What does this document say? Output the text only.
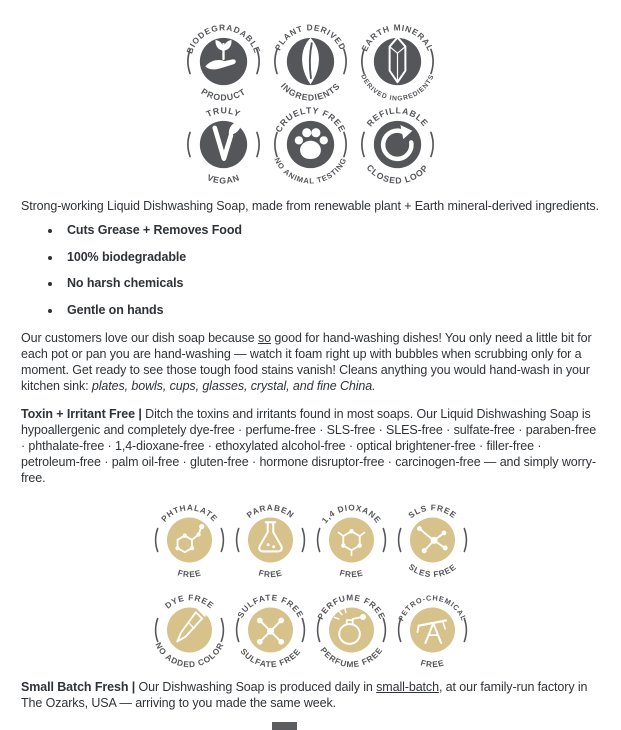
BIODEGRADABLE
PRODUCT
PLANT DERIVED
INGREDIENTS
EARTH MINERAL
DERIVED INGREDIENTS
TRULY
VEGAN
CRUELTY FREE
NO ANIMAL TESTING
REFILLABLE
CLOSED LOOP

Strong-working Liquid Dishwashing Soap, made from renewable plant + Earth mineral-derived ingredients.

• Cuts Grease + Removes Food
• 100% biodegradable
• No harsh chemicals
• Gentle on hands

Our customers love our dish soap because so good for hand-washing dishes! You only need a little bit for each pot or pan you are hand-washing — watch it foam right up with bubbles when scrubbing only for a moment. Get ready to see those tough food stains vanish! Cleans anything you would hand-wash in your kitchen sink: plates, bowls, cups, glasses, crystal, and fine China.

Toxin + Irritant Free | Ditch the toxins and irritants found in most soaps. Our Liquid Dishwashing Soap is hypoallergenic and completely dye-free · perfume-free · SLS-free · SLES-free · sulfate-free · paraben-free · phthalate-free · 1,4-dioxane-free · ethoxylated alcohol-free · optical brightener-free · filler-free · petroleum-free · palm oil-free · gluten-free · hormone disruptor-free · carcinogen-free — and simply worry-free.

PHTHALATE
FREE
PARABEN
FREE
1,4 DIOXANE
FREE
SLS FREE
SLES FREE
DYE FREE
NO ADDED COLOR
SULFATE FREE
SULFATE FREE
PERFUME FREE
PERFUME FREE
PETRO-CHEMICAL
FREE

Small Batch Fresh | Our Dishwashing Soap is produced daily in small-batch, at our family-run factory in The Ozarks, USA — arriving to you made the same week.
